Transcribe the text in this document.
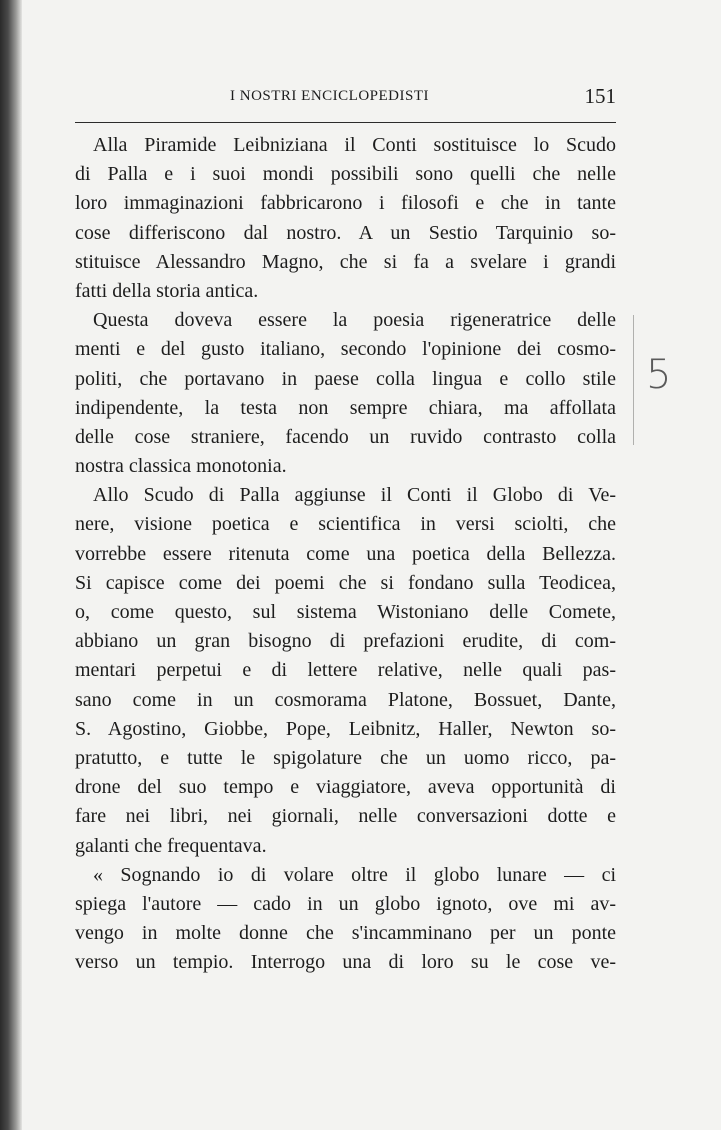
I NOSTRI ENCICLOPEDISTI	151
5
Alla Piramide Leibniziana il Conti sostituisce lo Scudo
di Palla e i suoi mondi possibili sono quelli che nelle
loro immaginazioni fabbricarono i filosofi e che in tante
cose differiscono dal nostro. A un Sestio Tarquinio so-
stituisce Alessandro Magno, che si fa a svelare i grandi
fatti della storia antica.
Questa doveva essere la poesia rigeneratrice delle
menti e del gusto italiano, secondo l'opinione dei cosmo-
politi, che portavano in paese colla lingua e collo stile
indipendente, la testa non sempre chiara, ma affollata
delle cose straniere, facendo un ruvido contrasto colla
nostra classica monotonia.
Allo Scudo di Palla aggiunse il Conti il Globo di Ve-
nere, visione poetica e scientifica in versi sciolti, che
vorrebbe essere ritenuta come una poetica della Bellezza.
Si capisce come dei poemi che si fondano sulla Teodicea,
o, come questo, sul sistema Wistoniano delle Comete,
abbiano un gran bisogno di prefazioni erudite, di com-
mentari perpetui e di lettere relative, nelle quali pas-
sano come in un cosmorama Platone, Bossuet, Dante,
S. Agostino, Giobbe, Pope, Leibnitz, Haller, Newton so-
pratutto, e tutte le spigolature che un uomo ricco, pa-
drone del suo tempo e viaggiatore, aveva opportunità di
fare nei libri, nei giornali, nelle conversazioni dotte e
galanti che frequentava.
« Sognando io di volare oltre il globo lunare — ci
spiega l'autore — cado in un globo ignoto, ove mi av-
vengo in molte donne che s'incamminano per un ponte
verso un tempio. Interrogo una di loro su le cose ve-
